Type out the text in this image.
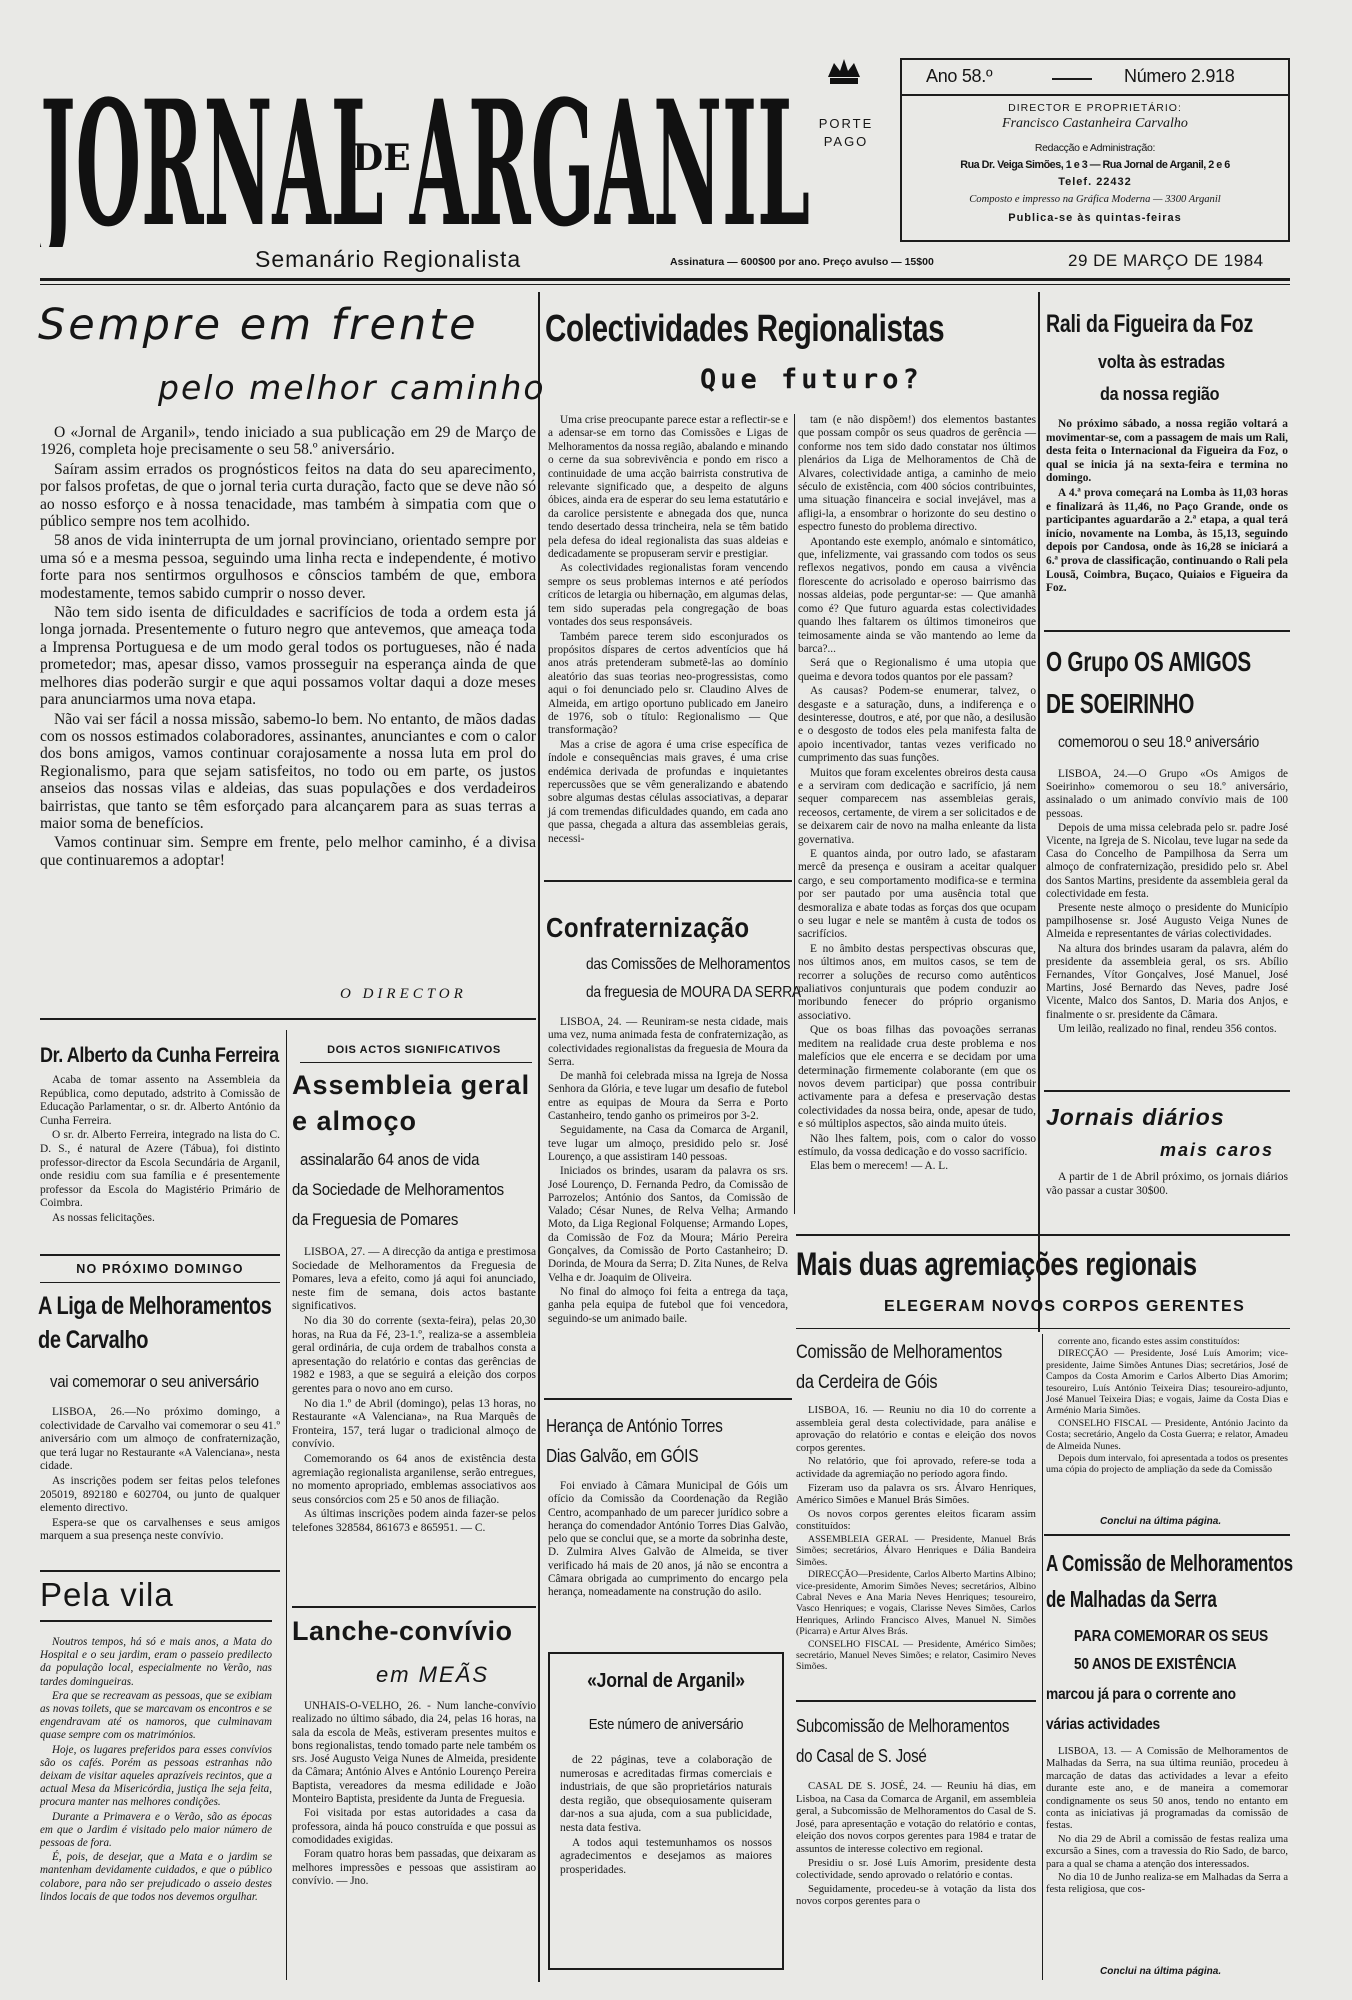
JORNAL ARGANIL
DE
Semanário Regionalista
PORTE
PAGO
Ano 58.º	Número 2.918
DIRECTOR E PROPRIETÁRIO:
Francisco Castanheira Carvalho
Redacção e Administração:
Rua Dr. Veiga Simões, 1 e 3 — Rua Jornal de Arganil, 2 e 6
Telef. 22432
Composto e impresso na Gráfica Moderna — 3300 Arganil
Publica-se às quintas-feiras
Assinatura — 600$00 por ano. Preço avulso — 15$00	29 DE MARÇO DE 1984
Sempre em frente
pelo melhor caminho

O «Jornal de Arganil», tendo iniciado a sua publicação em 29 de Março de 1926, completa hoje precisamente o seu 58.º aniversário.

Saíram assim errados os prognósticos feitos na data do seu aparecimento, por falsos profetas, de que o jornal teria curta duração, facto que se deve não só ao nosso esforço e à nossa tenacidade, mas também à simpatia com que o público sempre nos tem acolhido.

58 anos de vida ininterrupta de um jornal provinciano, orientado sempre por uma só e a mesma pessoa, seguindo uma linha recta e independente, é motivo forte para nos sentirmos orgulhosos e cônscios também de que, embora modestamente, temos sabido cumprir o nosso dever.

Não tem sido isenta de dificuldades e sacrifícios de toda a ordem esta já longa jornada. Presentemente o futuro negro que antevemos, que ameaça toda a Imprensa Portuguesa e de um modo geral todos os portugueses, não é nada prometedor; mas, apesar disso, vamos prosseguir na esperança ainda de que melhores dias poderão surgir e que aqui possamos voltar daqui a doze meses para anunciarmos uma nova etapa.

Não vai ser fácil a nossa missão, sabemo-lo bem. No entanto, de mãos dadas com os nossos estimados colaboradores, assinantes, anunciantes e com o calor dos bons amigos, vamos continuar corajosamente a nossa luta em prol do Regionalismo, para que sejam satisfeitos, no todo ou em parte, os justos anseios das nossas vilas e aldeias, das suas populações e dos verdadeiros bairristas, que tanto se têm esforçado para alcançarem para as suas terras a maior soma de benefícios.

Vamos continuar sim. Sempre em frente, pelo melhor caminho, é a divisa que continuaremos a adoptar!

O DIRECTOR
Dr. Alberto da Cunha Ferreira

Acaba de tomar assento na Assembleia da República, como deputado, adstrito à Comissão de Educação Parlamentar, o sr. dr. Alberto António da Cunha Ferreira.

O sr. dr. Alberto Ferreira, integrado na lista do C. D. S., é natural de Azere (Tábua), foi distinto professor-director da Escola Secundária de Arganil, onde residiu com sua família e é presentemente professor da Escola do Magistério Primário de Coimbra.

As nossas felicitações.

NO PRÓXIMO DOMINGO
A Liga de Melhoramentos
de Carvalho
vai comemorar o seu aniversário

LISBOA, 26.—No próximo domingo, a colectividade de Carvalho vai comemorar o seu 41.º aniversário com um almoço de confraternização, que terá lugar no Restaurante «A Valenciana», nesta cidade.

As inscrições podem ser feitas pelos telefones 205019, 892180 e 602704, ou junto de qualquer elemento directivo.

Espera-se que os carvalhenses e seus amigos marquem a sua presença neste convívio.

Pela vila

Noutros tempos, há só e mais anos, a Mata do Hospital e o seu jardim, eram o passeio predilecto da população local, especialmente no Verão, nas tardes domingueiras.

Era que se recreavam as pessoas, que se exibiam as novas toilets, que se marcavam os encontros e se engendravam até os namoros, que culminavam quase sempre com os matrimónios.

Hoje, os lugares preferidos para esses convívios são os cafés. Porém as pessoas estranhas não deixam de visitar aqueles aprazíveis recintos, que a actual Mesa da Misericórdia, justiça lhe seja feita, procura manter nas melhores condições.

Durante a Primavera e o Verão, são as épocas em que o Jardim é visitado pelo maior número de pessoas de fora.

É, pois, de desejar, que a Mata e o jardim se mantenham devidamente cuidados, e que o público colabore, para não ser prejudicado o asseio destes lindos locais de que todos nos devemos orgulhar.

DOIS ACTOS SIGNIFICATIVOS
Assembleia geral
e almoço
assinalarão 64 anos de vida
da Sociedade de Melhoramentos
da Freguesia de Pomares

LISBOA, 27. — A direcção da antiga e prestimosa Sociedade de Melhoramentos da Freguesia de Pomares, leva a efeito, como já aqui foi anunciado, neste fim de semana, dois actos bastante significativos.

No dia 30 do corrente (sexta-feira), pelas 20,30 horas, na Rua da Fé, 23-1.º, realiza-se a assembleia geral ordinária, de cuja ordem de trabalhos consta a apresentação do relatório e contas das gerências de 1982 e 1983, a que se seguirá a eleição dos corpos gerentes para o novo ano em curso.

No dia 1.º de Abril (domingo), pelas 13 horas, no Restaurante «A Valenciana», na Rua Marquês de Fronteira, 157, terá lugar o tradicional almoço de convívio.

Comemorando os 64 anos de existência desta agremiação regionalista arganilense, serão entregues, no momento apropriado, emblemas associativos aos seus consórcios com 25 e 50 anos de filiação.

As últimas inscrições podem ainda fazer-se pelos telefones 328584, 861673 e 865951. — C.

Lanche-convívio
em MEÃS

UNHAIS-O-VELHO, 26. - Num lanche-convívio realizado no último sábado, dia 24, pelas 16 horas, na sala da escola de Meãs, estiveram presentes muitos e bons regionalistas, tendo tomado parte nele também os srs. José Augusto Veiga Nunes de Almeida, presidente da Câmara; António Alves e António Lourenço Pereira Baptista, vereadores da mesma edilidade e João Monteiro Baptista, presidente da Junta de Freguesia.

Foi visitada por estas autoridades a casa da professora, ainda há pouco construída e que possui as comodidades exigidas.

Foram quatro horas bem passadas, que deixaram as melhores impressões e pessoas que assistiram ao convívio. — Jno.

Colectividades Regionalistas
Que futuro?

Uma crise preocupante parece estar a reflectir-se e a adensar-se em torno das Comissões e Ligas de Melhoramentos da nossa região, abalando e minando o cerne da sua sobrevivência e pondo em risco a continuidade de uma acção bairrista construtiva de relevante significado que, a despeito de alguns óbices, ainda era de esperar do seu lema estatutário e da carolice persistente e abnegada dos que, nunca tendo desertado dessa trincheira, nela se têm batido pela defesa do ideal regionalista das suas aldeias e dedicadamente se propuseram servir e prestigiar.

As colectividades regionalistas foram vencendo sempre os seus problemas internos e até períodos críticos de letargia ou hibernação, em algumas delas, tem sido superadas pela congregação de boas vontades dos seus responsáveis.

Também parece terem sido esconjurados os propósitos díspares de certos adventícios que há anos atrás pretenderam submetê-las ao domínio aleatório das suas teorias neo-progressistas, como aqui o foi denunciado pelo sr. Claudino Alves de Almeida, em artigo oportuno publicado em Janeiro de 1976, sob o título: Regionalismo — Que transformação?

Mas a crise de agora é uma crise específica de índole e consequências mais graves, é uma crise endémica derivada de profundas e inquietantes repercussões que se vêm generalizando e abatendo sobre algumas destas células associativas, a deparar já com tremendas dificuldades quando, em cada ano que passa, chegada a altura das assembleias gerais, necessi-

tam (e não dispõem!) dos elementos bastantes que possam compôr os seus quadros de gerência — conforme nos tem sido dado constatar nos últimos plenários da Liga de Melhoramentos de Chã de Alvares, colectividade antiga, a caminho de meio século de existência, com 400 sócios contribuintes, uma situação financeira e social invejável, mas a afligi-la, a ensombrar o horizonte do seu destino o espectro funesto do problema directivo.

Apontando este exemplo, anómalo e sintomático, que, infelizmente, vai grassando com todos os seus reflexos negativos, pondo em causa a vivência florescente do acrisolado e operoso bairrismo das nossas aldeias, pode perguntar-se: — Que amanhã como é? Que futuro aguarda estas colectividades quando lhes faltarem os últimos timoneiros que teimosamente ainda se vão mantendo ao leme da barca?...

Será que o Regionalismo é uma utopia que queima e devora todos quantos por ele passam?

As causas? Podem-se enumerar, talvez, o desgaste e a saturação, duns, a indiferença e o desinteresse, doutros, e até, por que não, a desilusão e o desgosto de todos eles pela manifesta falta de apoio incentivador, tantas vezes verificado no cumprimento das suas funções.

Muitos que foram excelentes obreiros desta causa e a serviram com dedicação e sacrifício, já nem sequer comparecem nas assembleias gerais, receosos, certamente, de virem a ser solicitados e de se deixarem cair de novo na malha enleante da lista governativa.

E quantos ainda, por outro lado, se afastaram mercê da presença e ousiram a aceitar qualquer cargo, e seu comportamento modifica-se e termina por ser pautado por uma ausência total que desmoraliza e abate todas as forças dos que ocupam o seu lugar e nele se mantêm à custa de todos os sacrifícios.

E no âmbito destas perspectivas obscuras que, nos últimos anos, em muitos casos, se tem de recorrer a soluções de recurso como autênticos paliativos conjunturais que podem conduzir ao moribundo fenecer do próprio organismo associativo.

Que os boas filhas das povoações serranas meditem na realidade crua deste problema e nos malefícios que ele encerra e se decidam por uma determinação firmemente colaborante (em que os novos devem participar) que possa contribuir activamente para a defesa e preservação destas colectividades da nossa beira, onde, apesar de tudo, e só múltiplos aspectos, são ainda muito úteis.

Não lhes faltem, pois, com o calor do vosso estímulo, da vossa dedicação e do vosso sacrifício.

Elas bem o merecem! — A. L.

Confraternização
das Comissões de Melhoramentos
da freguesia de MOURA DA SERRA

LISBOA, 24. — Reuniram-se nesta cidade, mais uma vez, numa animada festa de confraternização, as colectividades regionalistas da freguesia de Moura da Serra.

De manhã foi celebrada missa na Igreja de Nossa Senhora da Glória, e teve lugar um desafio de futebol entre as equipas de Moura da Serra e Porto Castanheiro, tendo ganho os primeiros por 3-2.

Seguidamente, na Casa da Comarca de Arganil, teve lugar um almoço, presidido pelo sr. José Lourenço, a que assistiram 140 pessoas.

Iniciados os brindes, usaram da palavra os srs. José Lourenço, D. Fernanda Pedro, da Comissão de Parrozelos; António dos Santos, da Comissão de Valado; César Nunes, de Relva Velha; Armando Moto, da Liga Regional Folquense; Armando Lopes, da Comissão de Foz da Moura; Mário Pereira Gonçalves, da Comissão de Porto Castanheiro; D. Dorinda, de Moura da Serra; D. Zita Nunes, de Relva Velha e dr. Joaquim de Oliveira.

No final do almoço foi feita a entrega da taça, ganha pela equipa de futebol que foi vencedora, seguindo-se um animado baile.

Herança de António Torres
Dias Galvão, em GÓIS

Foi enviado à Câmara Municipal de Góis um ofício da Comissão da Coordenação da Região Centro, acompanhado de um parecer jurídico sobre a herança do comendador António Torres Dias Galvão, pelo que se conclui que, se a morte da sobrinha deste, D. Zulmira Alves Galvão de Almeida, se tiver verificado há mais de 20 anos, já não se encontra a Câmara obrigada ao cumprimento do encargo pela herança, nomeadamente na construção do asilo.

«Jornal de Arganil»
Este número de aniversário

de 22 páginas, teve a colaboração de numerosas e acreditadas firmas comerciais e industriais, de que são proprietários naturais desta região, que obsequiosamente quiseram dar-nos a sua ajuda, com a sua publicidade, nesta data festiva.

A todos aqui testemunhamos os nossos agradecimentos e desejamos as maiores prosperidades.

Rali da Figueira da Foz
volta às estradas
da nossa região

No próximo sábado, a nossa região voltará a movimentar-se, com a passagem de mais um Rali, desta feita o Internacional da Figueira da Foz, o qual se inicia já na sexta-feira e termina no domingo.

A 4.ª prova começará na Lomba às 11,03 horas e finalizará às 11,46, no Paço Grande, onde os participantes aguardarão a 2.ª etapa, a qual terá início, novamente na Lomba, às 15,13, seguindo depois por Candosa, onde às 16,28 se iniciará a 6.ª prova de classificação, continuando o Rali pela Lousã, Coimbra, Buçaco, Quiaios e Figueira da Foz.

O Grupo OS AMIGOS
DE SOEIRINHO
comemorou o seu 18.º aniversário

LISBOA, 24.—O Grupo «Os Amigos de Soeirinho» comemorou o seu 18.º aniversário, assinalado o um animado convívio mais de 100 pessoas.

Depois de uma missa celebrada pelo sr. padre José Vicente, na Igreja de S. Nicolau, teve lugar na sede da Casa do Concelho de Pampilhosa da Serra um almoço de confraternização, presidido pelo sr. Abel dos Santos Martins, presidente da assembleia geral da colectividade em festa.

Presente neste almoço o presidente do Município pampilhosense sr. José Augusto Veiga Nunes de Almeida e representantes de várias colectividades.

Na altura dos brindes usaram da palavra, além do presidente da assembleia geral, os srs. Abílio Fernandes, Vítor Gonçalves, José Manuel, José Martins, José Bernardo das Neves, padre José Vicente, Malco dos Santos, D. Maria dos Anjos, e finalmente o sr. presidente da Câmara.

Um leilão, realizado no final, rendeu 356 contos.

Jornais diários
mais caros

A partir de 1 de Abril próximo, os jornais diários vão passar a custar 30$00.

Mais duas agremiações regionais
ELEGERAM NOVOS CORPOS GERENTES
Comissão de Melhoramentos
da Cerdeira de Góis

LISBOA, 16. — Reuniu no dia 10 do corrente a assembleia geral desta colectividade, para análise e aprovação do relatório e contas e eleição dos novos corpos gerentes.

No relatório, que foi aprovado, refere-se toda a actividade da agremiação no período agora findo.

Fizeram uso da palavra os srs. Álvaro Henriques, Américo Simões e Manuel Brás Simões.

Os novos corpos gerentes eleitos ficaram assim constituídos:

ASSEMBLEIA GERAL — Presidente, Manuel Brás Simões; secretários, Álvaro Henriques e Dália Bandeira Simões.

DIRECÇÃO—Presidente, Carlos Alberto Martins Albino; vice-presidente, Amorim Simões Neves; secretários, Albino Cabral Neves e Ana Maria Neves Henriques; tesoureiro, Vasco Henriques; e vogais, Clarisse Neves Simões, Carlos Henriques, Arlindo Francisco Alves, Manuel N. Simões (Picarra) e Artur Alves Brás.

CONSELHO FISCAL — Presidente, Américo Simões; secretário, Manuel Neves Simões; e relator, Casimiro Neves Simões.

Subcomissão de Melhoramentos
do Casal de S. José

CASAL DE S. JOSÉ, 24. — Reuniu há dias, em Lisboa, na Casa da Comarca de Arganil, em assembleia geral, a Subcomissão de Melhoramentos do Casal de S. José, para apresentação e votação do relatório e contas, eleição dos novos corpos gerentes para 1984 e tratar de assuntos de interesse colectivo em regional.

Presidiu o sr. José Luís Amorim, presidente desta colectividade, sendo aprovado o relatório e contas.

Seguidamente, procedeu-se à votação da lista dos novos corpos gerentes para o

corrente ano, ficando estes assim constituídos:

DIRECÇÃO — Presidente, José Luís Amorim; vice-presidente, Jaime Simões Antunes Dias; secretários, José de Campos da Costa Amorim e Carlos Alberto Dias Amorim; tesoureiro, Luís António Teixeira Dias; tesoureiro-adjunto, José Manuel Teixeira Dias; e vogais, Jaime da Costa Dias e Arménio Maria Simões.

CONSELHO FISCAL — Presidente, António Jacinto da Costa; secretário, Angelo da Costa Guerra; e relator, Amadeu de Almeida Nunes.

Depois dum intervalo, foi apresentada a todos os presentes uma cópia do projecto de ampliação da sede da Comissão

Conclui na última página.
A Comissão de Melhoramentos
de Malhadas da Serra
PARA COMEMORAR OS SEUS
50 ANOS DE EXISTÊNCIA
marcou já para o corrente ano
várias actividades

LISBOA, 13. — A Comissão de Melhoramentos de Malhadas da Serra, na sua última reunião, procedeu à marcação de datas das actividades a levar a efeito durante este ano, e de maneira a comemorar condignamente os seus 50 anos, tendo no entanto em conta as iniciativas já programadas da comissão de festas.

No dia 29 de Abril a comissão de festas realiza uma excursão a Sines, com a travessia do Rio Sado, de barco, para a qual se chama a atenção dos interessados.

No dia 10 de Junho realiza-se em Malhadas da Serra a festa religiosa, que cos-

Conclui na última página.
